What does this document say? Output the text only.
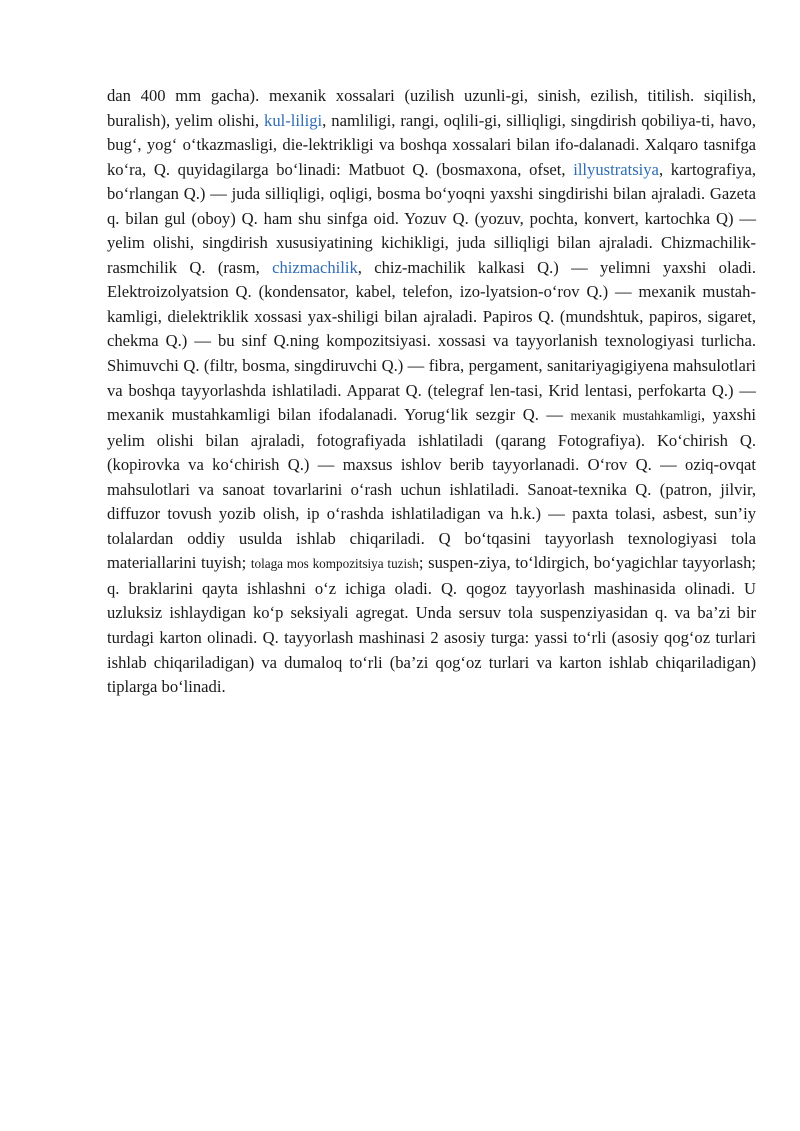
dan 400 mm gacha). mexanik xossalari (uzilish uzunli-gi, sinish, ezilish, titilish. siqilish, buralish), yelim olishi, kul-liligi, namliligi, rangi, oqlili-gi, silliqligi, singdirish qobiliya-ti, havo, bug‘, yog‘ o‘tkazmasligi, die-lektrikligi va boshqa xossalari bilan ifo-dalanadi. Xalqaro tasnifga ko‘ra, Q. quyidagilarga bo‘linadi: Matbuot Q. (bosmaxona, ofset, illyustratsiya, kartografiya, bo‘rlangan Q.) — juda silliqligi, oqligi, bosma bo‘yoqni yaxshi singdirishi bilan ajraladi. Gazeta q. bilan gul (oboy) Q. ham shu sinfga oid. Yozuv Q. (yozuv, pochta, konvert, kartochka Q) — yelim olishi, singdirish xususiyatining kichikligi, juda silliqligi bilan ajraladi. Chizmachilik-rasmchilik Q. (rasm, chizmachilik, chiz-machilik kalkasi Q.) — yelimni yaxshi oladi. Elektroizolyatsion Q. (kondensator, kabel, telefon, izo-lyatsion-o‘rov Q.) — mexanik mustah-kamligi, dielektriklik xossasi yax-shiligi bilan ajraladi. Papiros Q. (mundshtuk, papiros, sigaret, chekma Q.) — bu sinf Q.ning kompozitsiyasi. xossasi va tayyorlanish texnologiyasi turlicha. Shimuvchi Q. (filtr, bosma, singdiruvchi Q.) — fibra, pergament, sanitariyagigiyena mahsulotlari va boshqa tayyorlashda ishlatiladi. Apparat Q. (telegraf len-tasi, Krid lentasi, perfokarta Q.) — mexanik mustahkamligi bilan ifodalanadi. Yorug‘lik sezgir Q. — mexanik mustahkamligi, yaxshi yelim olishi bilan ajraladi, fotografiyada ishlatiladi (qarang Fotografiya). Ko‘chirish Q. (kopirovka va ko‘chirish Q.) — maxsus ishlov berib tayyorlanadi. O‘rov Q. — oziq-ovqat mahsulotlari va sanoat tovarlarini o‘rash uchun ishlatiladi. Sanoat-texnika Q. (patron, jilvir, diffuzor tovush yozib olish, ip o‘rashda ishlatiladigan va h.k.) — paxta tolasi, asbest, sun’iy tolalardan oddiy usulda ishlab chiqariladi. Q bo‘tqasini tayyorlash texnologiyasi tola materiallarini tuyish; tolaga mos kompozitsiya tuzish; suspen-ziya, to‘ldirgich, bo‘yagichlar tayyorlash; q. braklarini qayta ishlashni o‘z ichiga oladi. Q. qogoz tayyorlash mashinasida olinadi. U uzluksiz ishlaydigan ko‘p seksiyali agregat. Unda sersuv tola suspenziyasidan q. va ba’zi bir turdagi karton olinadi. Q. tayyorlash mashinasi 2 asosiy turga: yassi to‘rli (asosiy qog‘oz turlari ishlab chiqariladigan) va dumaloq to‘rli (ba’zi qog‘oz turlari va karton ishlab chiqariladigan) tiplarga bo‘linadi.
